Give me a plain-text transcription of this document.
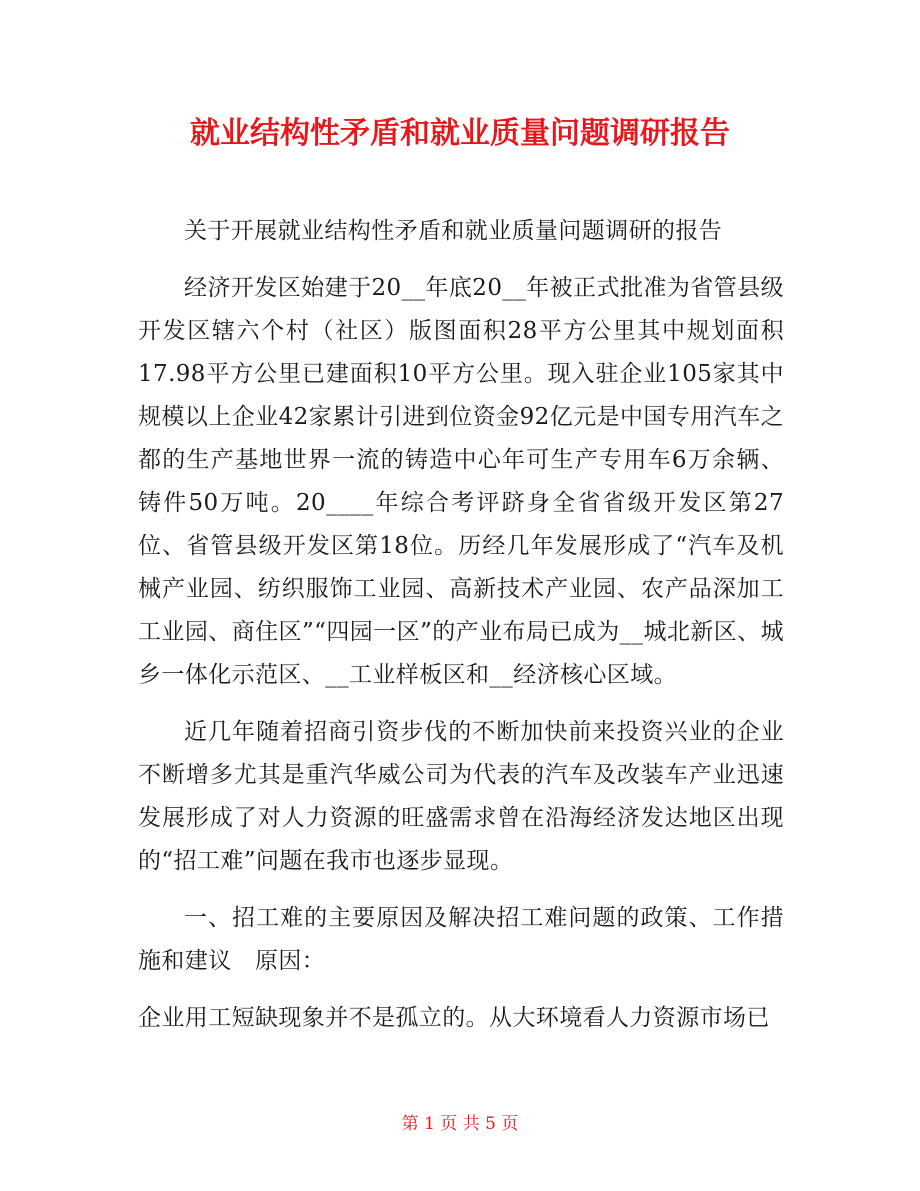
就业结构性矛盾和就业质量问题调研报告

关于开展就业结构性矛盾和就业质量问题调研的报告

经济开发区始建于20__年底20__年被正式批准为省管县级开发区辖六个村（社区）版图面积28平方公里其中规划面积17.98平方公里已建面积10平方公里。现入驻企业105家其中规模以上企业42家累计引进到位资金92亿元是中国专用汽车之都的生产基地世界一流的铸造中心年可生产专用车6万余辆、铸件50万吨。20____年综合考评跻身全省省级开发区第27位、省管县级开发区第18位。历经几年发展形成了“汽车及机械产业园、纺织服饰工业园、高新技术产业园、农产品深加工工业园、商住区”“四园一区”的产业布局已成为__城北新区、城乡一体化示范区、__工业样板区和__经济核心区域。

近几年随着招商引资步伐的不断加快前来投资兴业的企业不断增多尤其是重汽华威公司为代表的汽车及改装车产业迅速发展形成了对人力资源的旺盛需求曾在沿海经济发达地区出现的“招工难”问题在我市也逐步显现。

一、招工难的主要原因及解决招工难问题的政策、工作措施和建议　原因：

企业用工短缺现象并不是孤立的。从大环境看人力资源市场已

第 1 页 共 5 页
